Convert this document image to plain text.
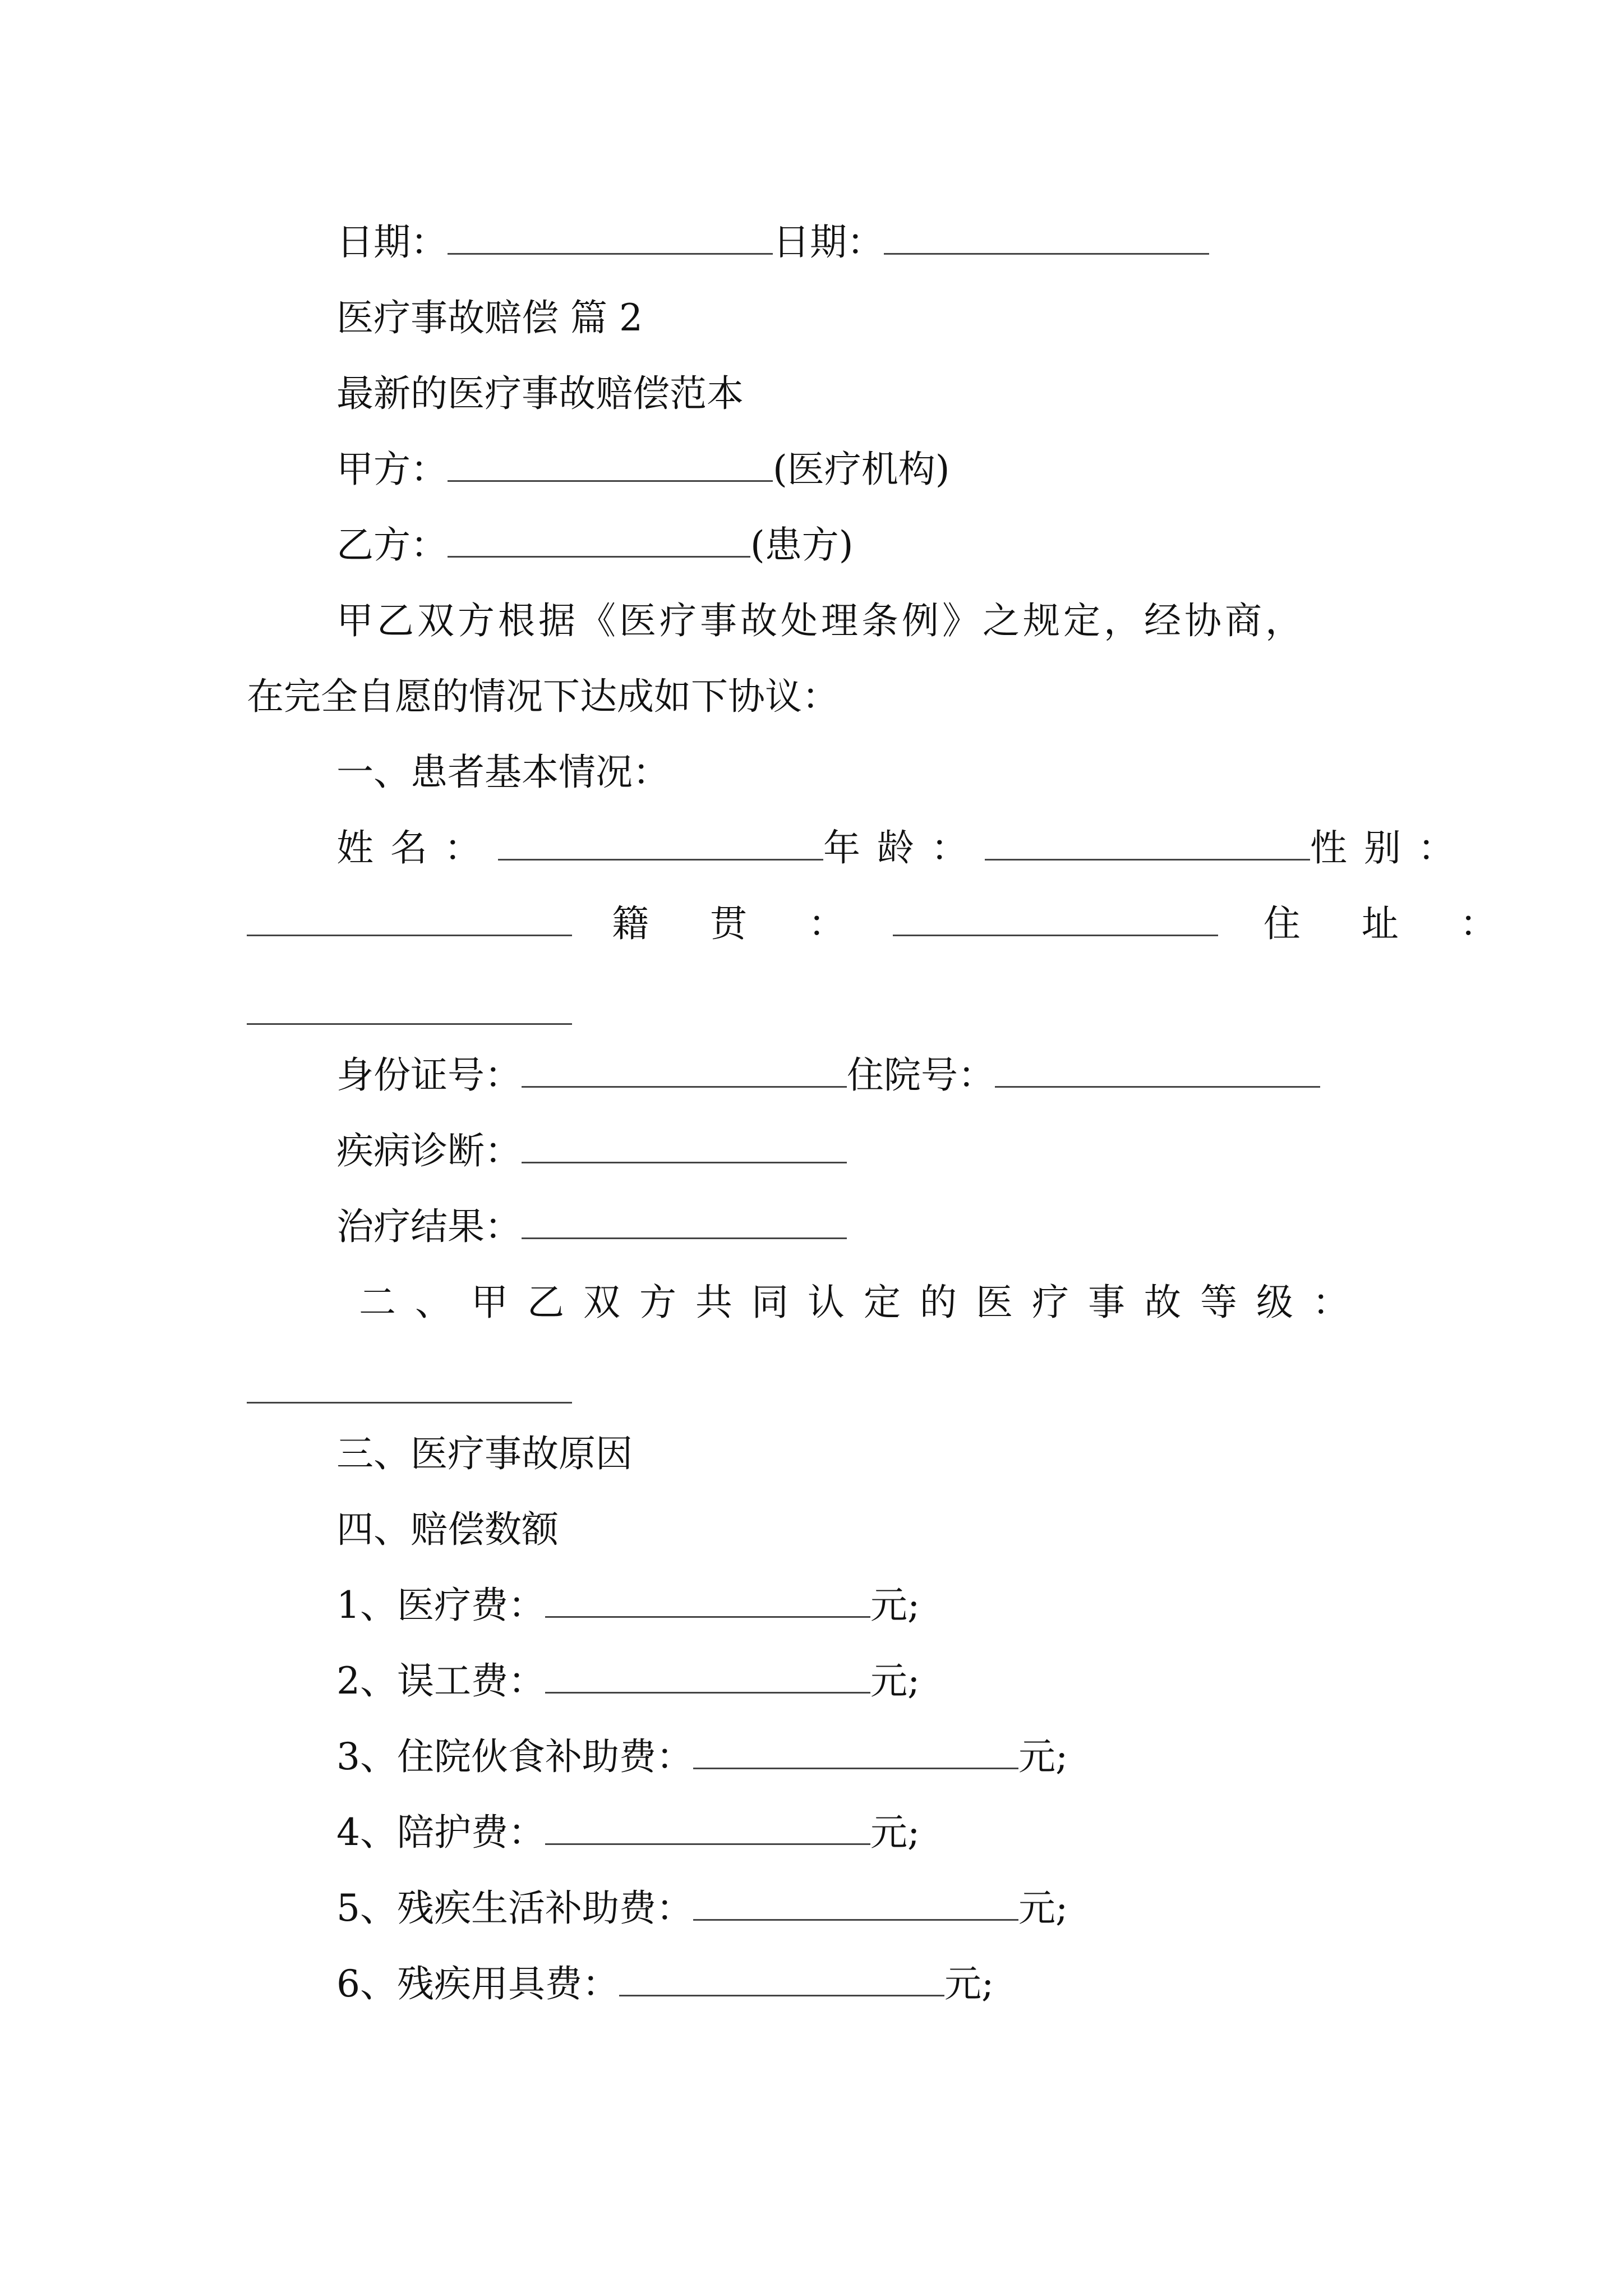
日期：	日期：
医疗事故赔偿 篇 2
最新的医疗事故赔偿范本
甲方：	(医疗机构)
乙方：	(患方)
甲乙双方根据《医疗事故处理条例》之规定，经协商，
在完全自愿的情况下达成如下协议：
一、患者基本情况：
姓名：	年龄：	性别：
籍 贯 ：	住 址 ：
身份证号：	住院号：
疾病诊断：
治疗结果：
二、甲乙双方共同认定的医疗事故等级：
三、医疗事故原因
四、赔偿数额
1、医疗费：	元;
2、误工费：	元;
3、住院伙食补助费：	元;
4、陪护费：	元;
5、残疾生活补助费：	元;
6、残疾用具费：	元;
